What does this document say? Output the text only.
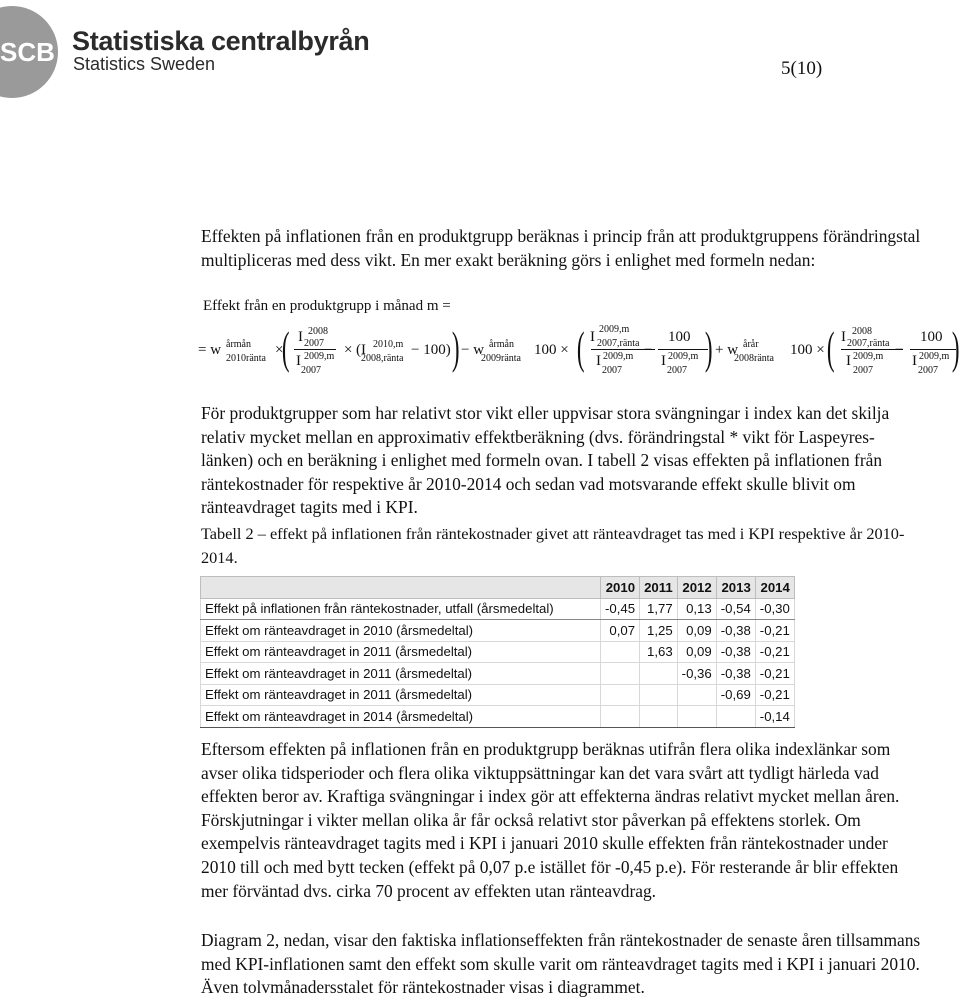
SCB Statistiska centralbyrån
Statistics Sweden	5(10)

Effekten på inflationen från en produktgrupp beräknas i princip från att produktgruppens förändringstal multipliceras med dess vikt. En mer exakt beräkning görs i enlighet med formeln nedan:

Effekt från en produktgrupp i månad m =
= w årmån
2010ränta
×
( I 2008
2007
I 2009,m
2007
× (I 2010,m
2008,ränta
− 100) ) − w årmån
2009ränta
100 × ( I 2009,m
2007,ränta
I 2009,m
2007
−
100
I 2009,m
2007 ) + w årår
2008ränta
100 × ( I 2008
2007,ränta
I 2009,m
2007
−
100
I 2009,m
2007 )

För produktgrupper som har relativt stor vikt eller uppvisar stora svängningar i index kan det skilja relativ mycket mellan en approximativ effektberäkning (dvs. förändringstal * vikt för Laspeyres-länken) och en beräkning i enlighet med formeln ovan. I tabell 2 visas effekten på inflationen från räntekostnader för respektive år 2010-2014 och sedan vad motsvarande effekt skulle blivit om ränteavdraget tagits med i KPI.

Tabell 2 – effekt på inflationen från räntekostnader givet att ränteavdraget tas med i KPI respektive år 2010-2014.

	2010	2011	2012	2013	2014
Effekt på inflationen från räntekostnader, utfall (årsmedeltal)	-0,45	1,77	0,13	-0,54	-0,30
Effekt om ränteavdraget in 2010 (årsmedeltal)	0,07	1,25	0,09	-0,38	-0,21
Effekt om ränteavdraget in 2011 (årsmedeltal)		1,63	0,09	-0,38	-0,21
Effekt om ränteavdraget in 2011 (årsmedeltal)			-0,36	-0,38	-0,21
Effekt om ränteavdraget in 2011 (årsmedeltal)				-0,69	-0,21
Effekt om ränteavdraget in 2014 (årsmedeltal)					-0,14

Eftersom effekten på inflationen från en produktgrupp beräknas utifrån flera olika indexlänkar som avser olika tidsperioder och flera olika viktuppsättningar kan det vara svårt att tydligt härleda vad effekten beror av. Kraftiga svängningar i index gör att effekterna ändras relativt mycket mellan åren. Förskjutningar i vikter mellan olika år får också relativt stor påverkan på effektens storlek. Om exempelvis ränteavdraget tagits med i KPI i januari 2010 skulle effekten från räntekostnader under 2010 till och med bytt tecken (effekt på 0,07 p.e istället för -0,45 p.e). För resterande år blir effekten mer förväntad dvs. cirka 70 procent av effekten utan ränteavdrag.

Diagram 2, nedan, visar den faktiska inflationseffekten från räntekostnader de senaste åren tillsammans med KPI-inflationen samt den effekt som skulle varit om ränteavdraget tagits med i KPI i januari 2010. Även tolvmånadersstalet för räntekostnader visas i diagrammet.
